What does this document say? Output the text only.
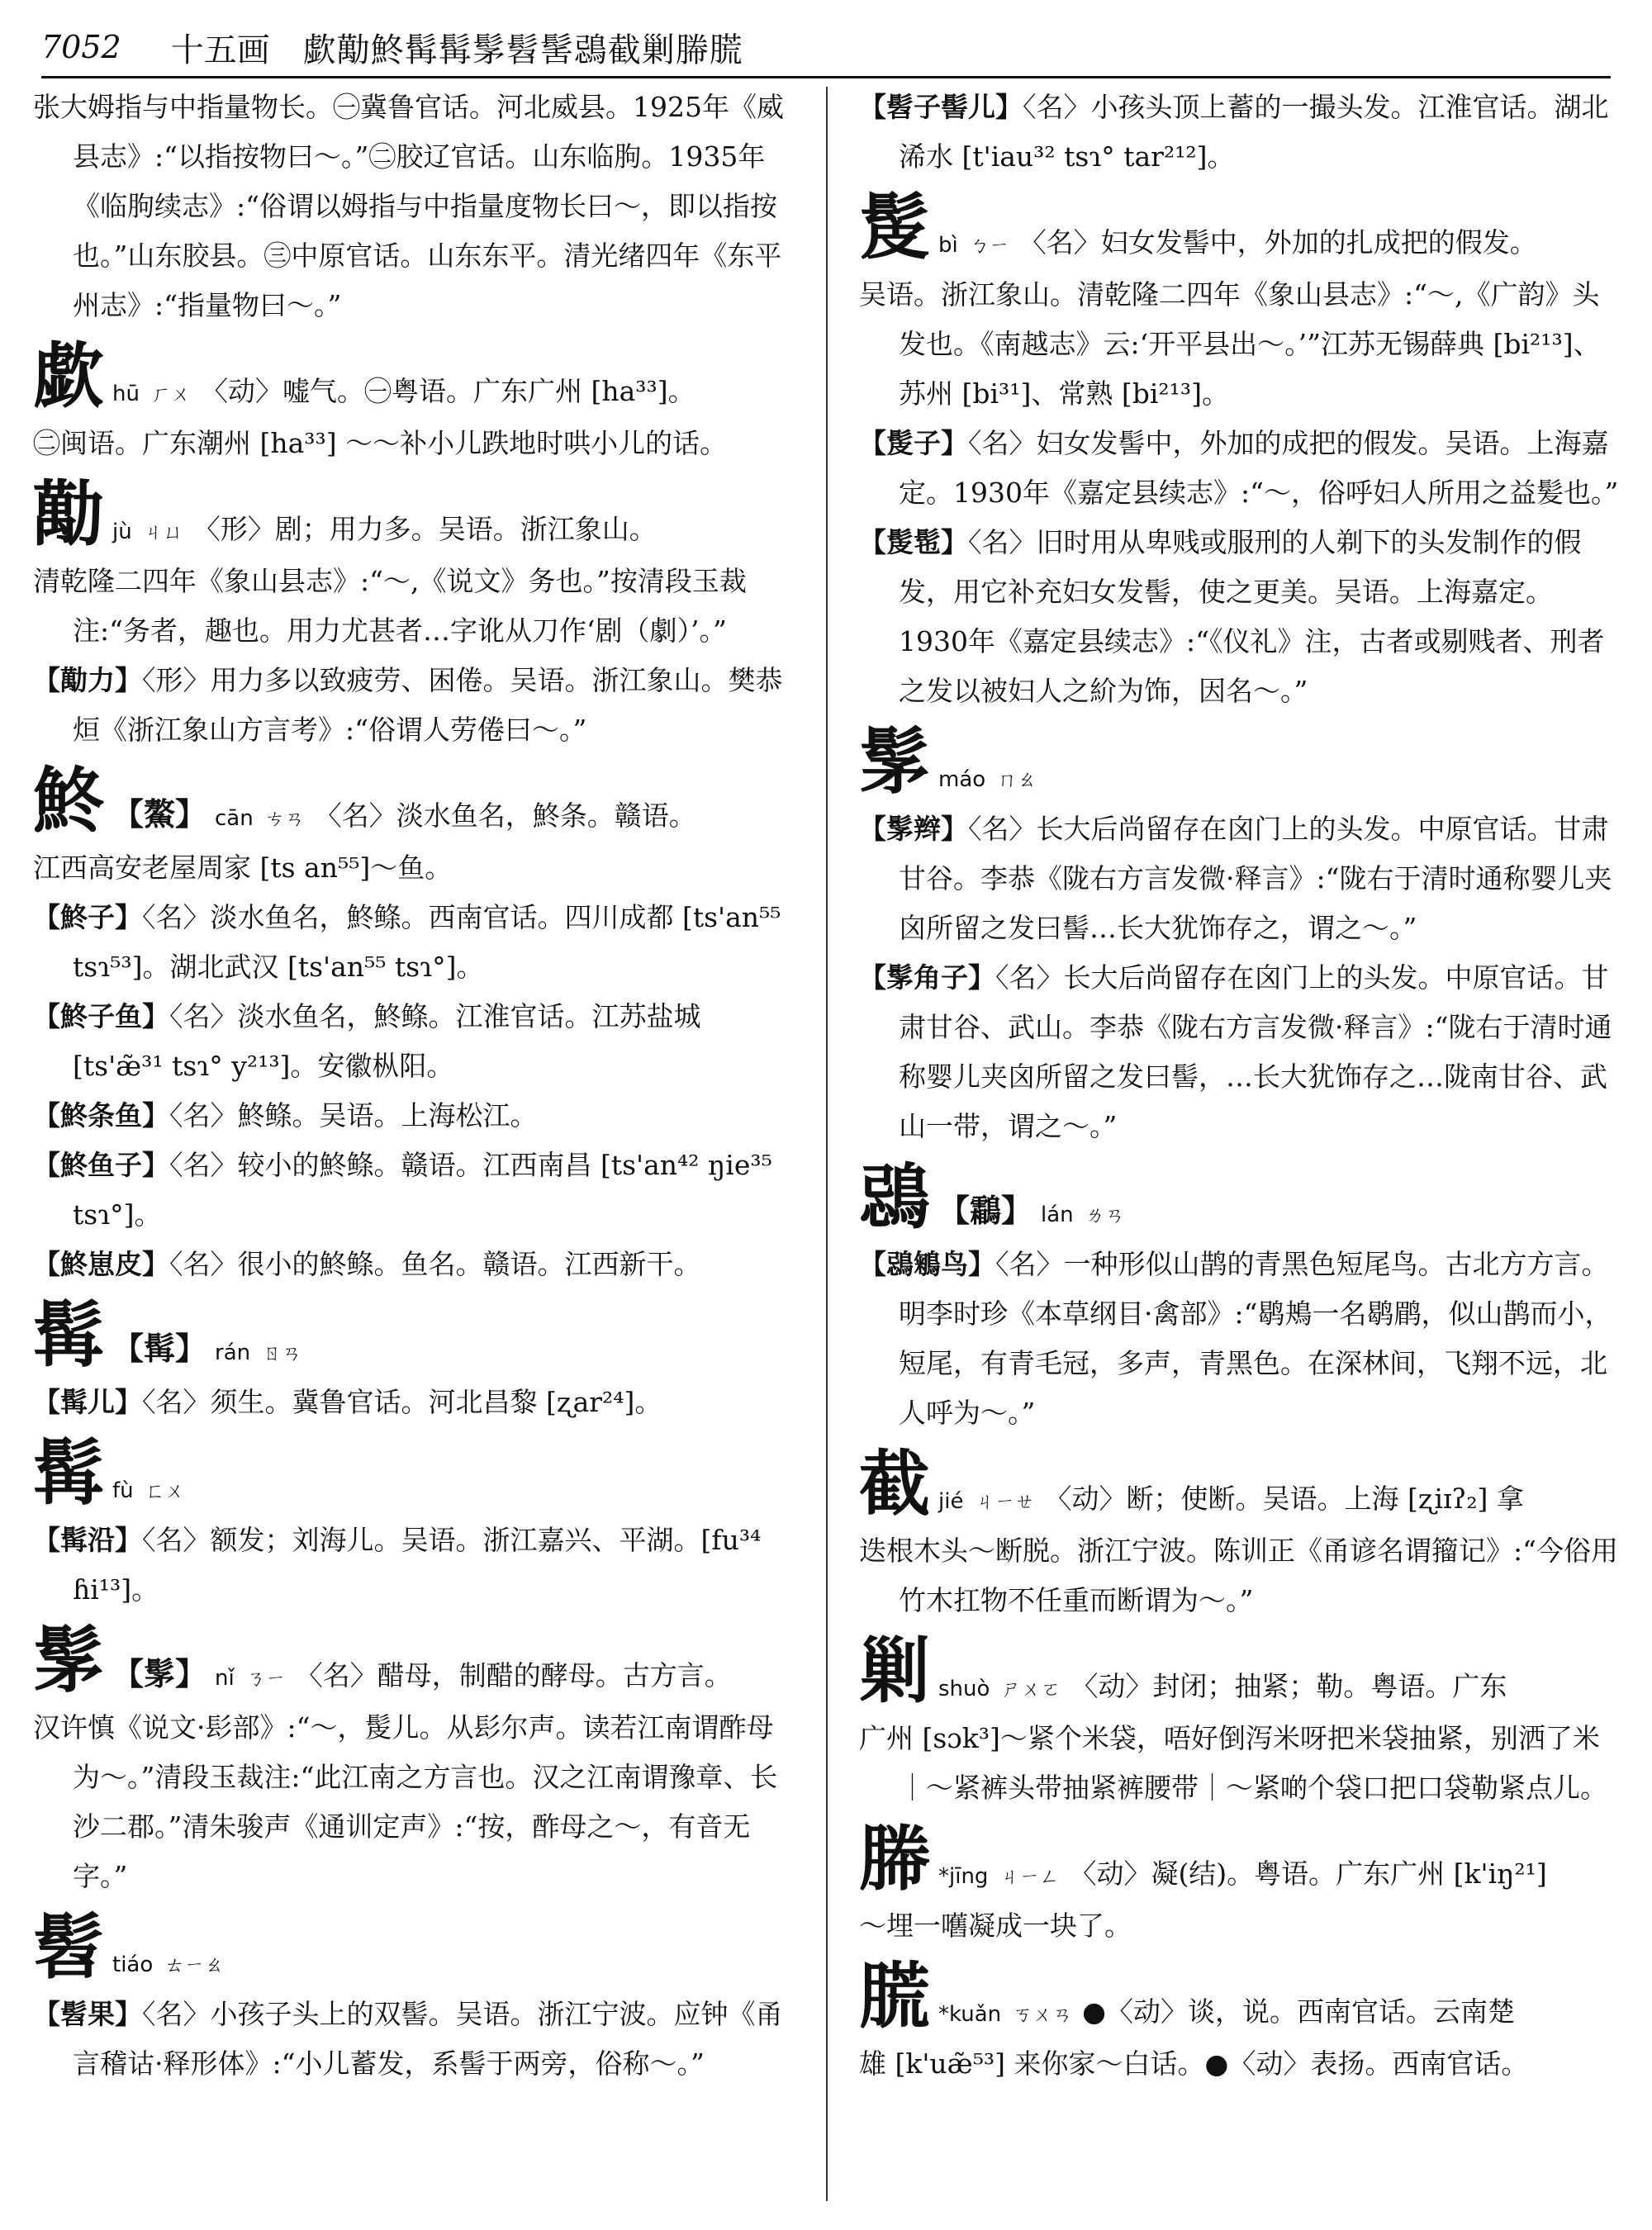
7052 十五画 歔勱鮗髯髯髳髫髺鵋截剿㬺㬻

张大姆指与中指量物长。㊀冀鲁官话。河北威县。1925年《威县志》:“以指按物曰～。”㊁胶辽官话。山东临朐。1935年《临朐续志》:“俗谓以姆指与中指量度物长曰～，即以指按也。”山东胶县。㊂中原官话。山东东平。清光绪四年《东平州志》:“指量物曰～。”

歔 hū ㄏㄨ 〈动〉嘘气。㊀粤语。广东广州 [ha³³]。

㊁闽语。广东潮州 [ha³³] ～～补小儿跌地时哄小儿的话。

勱 jù ㄐㄩ 〈形〉剧；用力多。吴语。浙江象山。

清乾隆二四年《象山县志》:“～,《说文》务也。”按清段玉裁注:“务者，趣也。用力尤甚者…字讹从刀作‘剧（劇）’。”

【勱力】〈形〉用力多以致疲劳、困倦。吴语。浙江象山。樊恭烜《浙江象山方言考》:“俗谓人劳倦曰～。”

鮗 【鰲】 cān ㄘㄢ 〈名〉淡水鱼名，鮗条。赣语。

江西高安老屋周家 [ts an⁵⁵]～鱼。

【鮗子】〈名〉淡水鱼名，鮗鲦。西南官话。四川成都 [ts'an⁵⁵ tsɿ⁵³]。湖北武汉 [ts'an⁵⁵ tsɿ°]。

【鮗子鱼】〈名〉淡水鱼名，鮗鲦。江淮官话。江苏盐城 [ts'æ̃³¹ tsɿ° y²¹³]。安徽枞阳。

【鮗条鱼】〈名〉鮗鲦。吴语。上海松江。

【鮗鱼子】〈名〉较小的鮗鲦。赣语。江西南昌 [ts'an⁴² ŋie³⁵ tsɿ°]。

【鮗崽皮】〈名〉很小的鮗鲦。鱼名。赣语。江西新干。

髯 【髯】 rán ㄖㄢ

【髯儿】〈名〉须生。冀鲁官话。河北昌黎 [ʐar²⁴]。

髯 fù ㄈㄨ

【髯沿】〈名〉额发；刘海儿。吴语。浙江嘉兴、平湖。[fu³⁴ ɦi¹³]。

髳 【髳】 nǐ ㄋㄧ 〈名〉醋母，制醋的酵母。古方言。

汉许慎《说文·髟部》:“～，髲儿。从髟尔声。读若江南谓酢母为～。”清段玉裁注:“此江南之方言也。汉之江南谓豫章、长沙二郡。”清朱骏声《通训定声》:“按，酢母之～，有音无字。”

髫 tiáo ㄊㄧㄠ

【髫果】〈名〉小孩子头上的双髻。吴语。浙江宁波。应钟《甬言稽诂·释形体》:“小儿蓄发，系髻于两旁，俗称～。”

【髫子髻儿】〈名〉小孩头顶上蓄的一撮头发。江淮官话。湖北浠水 [t'iau³² tsɿ° tar²¹²]。

髲 bì ㄅㄧ 〈名〉妇女发髻中，外加的扎成把的假发。

吴语。浙江象山。清乾隆二四年《象山县志》:“～,《广韵》头发也。《南越志》云:‘开平县出～。’”江苏无锡薛典 [bi²¹³]、苏州 [bi³¹]、常熟 [bi²¹³]。

【髲子】〈名〉妇女发髻中，外加的成把的假发。吴语。上海嘉定。1930年《嘉定县续志》:“～，俗呼妇人所用之益髪也。”

【髲髢】〈名〉旧时用从卑贱或服刑的人剃下的头发制作的假发，用它补充妇女发髻，使之更美。吴语。上海嘉定。1930年《嘉定县续志》:“《仪礼》注，古者或剔贱者、刑者之发以被妇人之紒为饰，因名～。”

髳 máo ㄇㄠ

【髳辫】〈名〉长大后尚留存在囟门上的头发。中原官话。甘肃甘谷。李恭《陇右方言发微·释言》:“陇右于清时通称婴儿夹囟所留之发曰髻…长大犹饰存之，谓之～。”

【髳角子】〈名〉长大后尚留存在囟门上的头发。中原官话。甘肃甘谷、武山。李恭《陇右方言发微·释言》:“陇右于清时通称婴儿夹囟所留之发曰髻，…长大犹饰存之…陇南甘谷、武山一带，谓之～。”

鵋 【鸘】 lán ㄌㄢ

【鵋鵴鸟】〈名〉一种形似山鹊的青黑色短尾鸟。古北方方言。明李时珍《本草纲目·禽部》:“鹖鴂一名鹖鹛，似山鹊而小，短尾，有青毛冠，多声，青黑色。在深林间，飞翔不远，北人呼为～。”

截 jié ㄐㄧㄝ 〈动〉断；使断。吴语。上海 [ʐiɪʔ₂] 拿

迭根木头～断脱。浙江宁波。陈训正《甬谚名谓籀记》:“今俗用竹木扛物不任重而断谓为～。”

剿 shuò ㄕㄨㄛ 〈动〉封闭；抽紧；勒。粤语。广东

广州 [sɔk³]～紧个米袋，唔好倒泻米呀把米袋抽紧，别洒了米｜～紧裤头带抽紧裤腰带｜～紧啲个袋口把口袋勒紧点儿。

㬺 *jīng ㄐㄧㄥ 〈动〉凝(结)。粤语。广东广州 [k'iŋ²¹]

～埋一嚿凝成一块了。

㬻 *kuǎn ㄎㄨㄢ ●〈动〉谈，说。西南官话。云南楚

雄 [k'uæ̃⁵³] 来你家～白话。●〈动〉表扬。西南官话。
